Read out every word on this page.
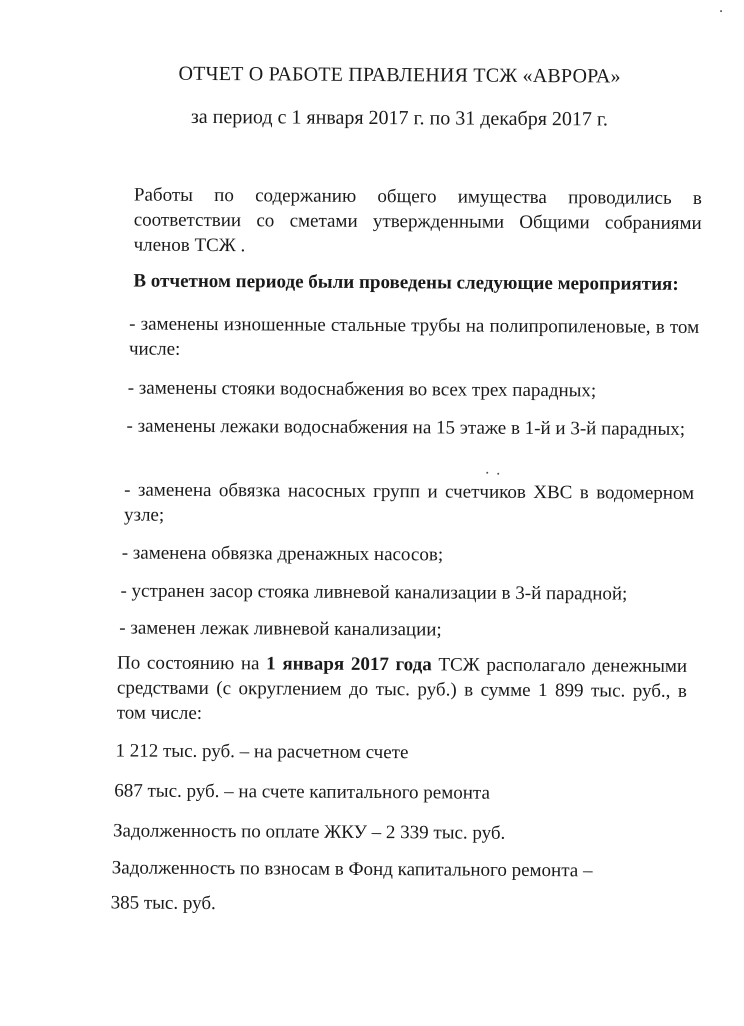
ОТЧЕТ О РАБОТЕ ПРАВЛЕНИЯ ТСЖ «АВРОРА»
за период с 1 января 2017 г. по 31 декабря 2017 г.
Работы по содержанию общего имущества проводились в соответствии со сметами утвержденными Общими собраниями членов ТСЖ .
В отчетном периоде были проведены следующие мероприятия:
- заменены изношенные стальные трубы на полипропиленовые, в том числе:
- заменены стояки водоснабжения во всех трех парадных;
- заменены лежаки водоснабжения на 15 этаже в 1-й и 3-й парадных;
- заменена обвязка насосных групп и счетчиков ХВС в водомерном узле;
- заменена обвязка дренажных насосов;
- устранен засор стояка ливневой канализации в 3-й парадной;
- заменен лежак ливневой канализации;
По состоянию на 1 января 2017 года ТСЖ располагало денежными средствами (с округлением до тыс. руб.) в сумме 1 899 тыс. руб., в том числе:
1 212 тыс. руб. – на расчетном счете
687 тыс. руб. – на счете капитального ремонта
Задолженность по оплате ЖКУ – 2 339 тыс. руб.
Задолженность по взносам в Фонд капитального ремонта –
385 тыс. руб.
